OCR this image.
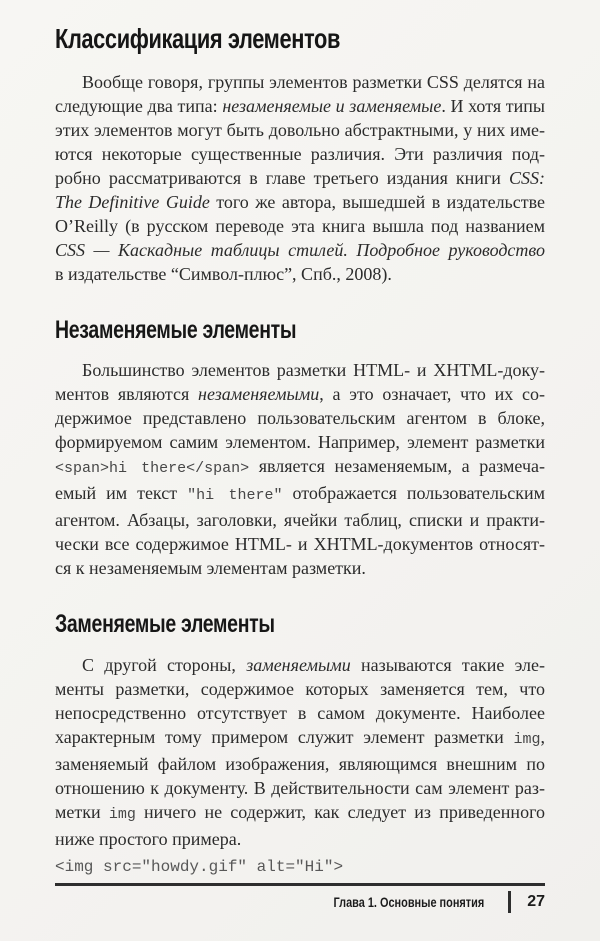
Классификация элементов
Вообще говоря, группы элементов разметки CSS делятся на
следующие два типа: незаменяемые и заменяемые. И хотя типы
этих элементов могут быть довольно абстрактными, у них име-
ются некоторые существенные различия. Эти различия под-
робно рассматриваются в главе третьего издания книги CSS:
The Definitive Guide того же автора, вышедшей в издательстве
O’Reilly (в русском переводе эта книга вышла под названием
CSS — Каскадные таблицы стилей. Подробное руководство
в издательстве “Символ-плюс”, Спб., 2008).
Незаменяемые элементы
Большинство элементов разметки HTML- и XHTML-доку-
ментов являются незаменяемыми, а это означает, что их со-
держимое представлено пользовательским агентом в блоке,
формируемом самим элементом. Например, элемент разметки
<span>hi there</span> является незаменяемым, а размеча-
емый им текст "hi there" отображается пользовательским
агентом. Абзацы, заголовки, ячейки таблиц, списки и практи-
чески все содержимое HTML- и XHTML-документов относят-
ся к незаменяемым элементам разметки.
Заменяемые элементы
С другой стороны, заменяемыми называются такие эле-
менты разметки, содержимое которых заменяется тем, что
непосредственно отсутствует в самом документе. Наиболее
характерным тому примером служит элемент разметки img,
заменяемый файлом изображения, являющимся внешним по
отношению к документу. В действительности сам элемент раз-
метки img ничего не содержит, как следует из приведенного
ниже простого примера.
<img src="howdy.gif" alt="Hi">
Глава 1. Основные понятия	27
